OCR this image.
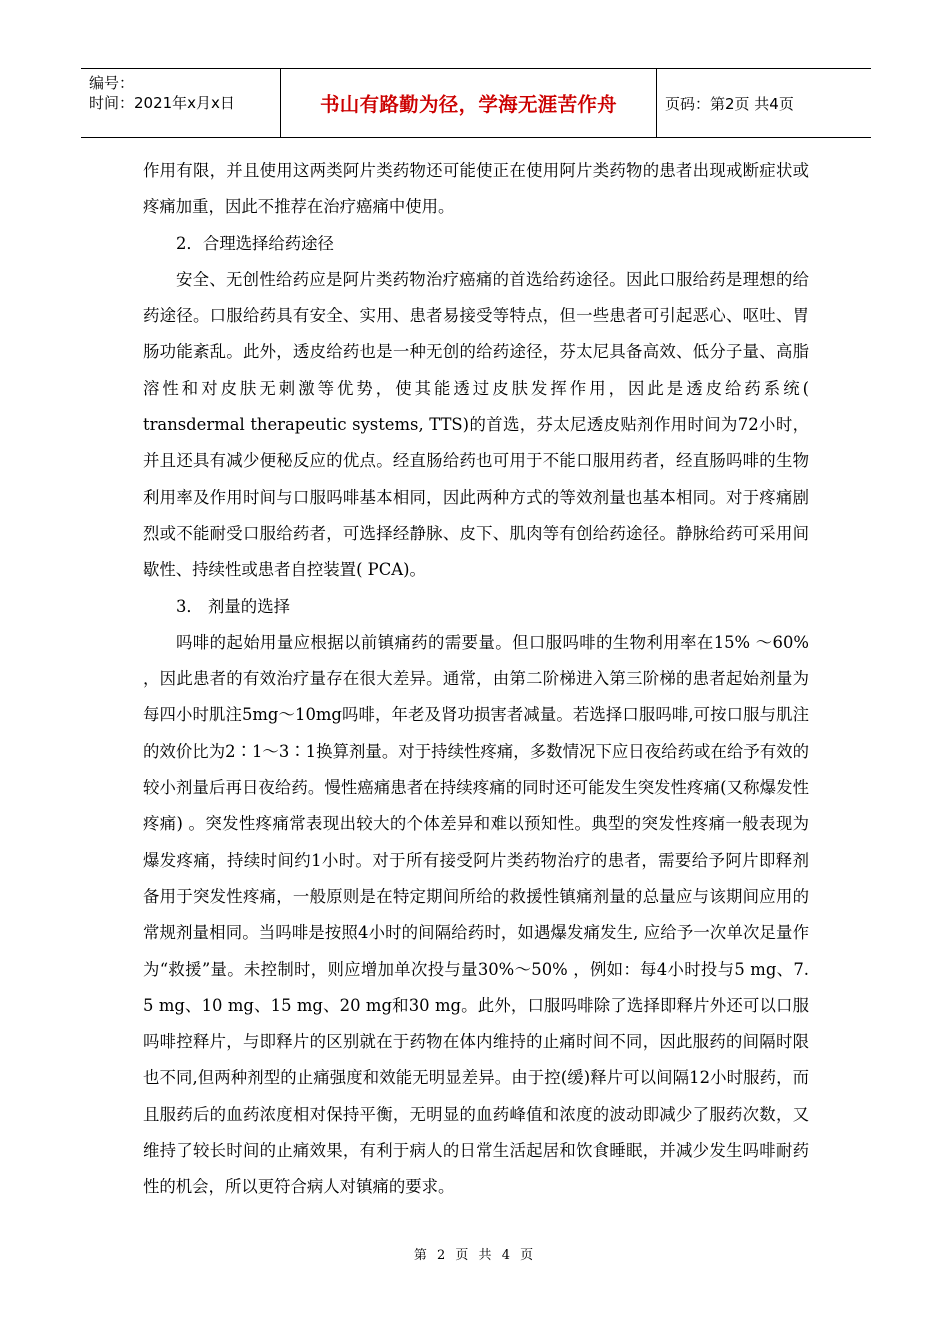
编号：
时间：2021年x月x日	书山有路勤为径，学海无涯苦作舟	页码：第2页 共4页

作用有限，并且使用这两类阿片类药物还可能使正在使用阿片类药物的患者出现戒断症状或疼痛加重，因此不推荐在治疗癌痛中使用。

2．合理选择给药途径

安全、无创性给药应是阿片类药物治疗癌痛的首选给药途径。因此口服给药是理想的给药途径。口服给药具有安全、实用、患者易接受等特点，但一些患者可引起恶心、呕吐、胃肠功能紊乱。此外，透皮给药也是一种无创的给药途径，芬太尼具备高效、低分子量、高脂溶性和对皮肤无刺激等优势，使其能透过皮肤发挥作用，因此是透皮给药系统( transdermal therapeutic systems, TTS)的首选，芬太尼透皮贴剂作用时间为72小时，并且还具有减少便秘反应的优点。经直肠给药也可用于不能口服用药者，经直肠吗啡的生物利用率及作用时间与口服吗啡基本相同，因此两种方式的等效剂量也基本相同。对于疼痛剧烈或不能耐受口服给药者，可选择经静脉、皮下、肌肉等有创给药途径。静脉给药可采用间歇性、持续性或患者自控装置( PCA)。

3． 剂量的选择

吗啡的起始用量应根据以前镇痛药的需要量。但口服吗啡的生物利用率在15% ～60% ，因此患者的有效治疗量存在很大差异。通常，由第二阶梯进入第三阶梯的患者起始剂量为每四小时肌注5mg～10mg吗啡，年老及肾功损害者减量。若选择口服吗啡,可按口服与肌注的效价比为2∶1～3∶1换算剂量。对于持续性疼痛，多数情况下应日夜给药或在给予有效的较小剂量后再日夜给药。慢性癌痛患者在持续疼痛的同时还可能发生突发性疼痛(又称爆发性疼痛) 。突发性疼痛常表现出较大的个体差异和难以预知性。典型的突发性疼痛一般表现为爆发疼痛，持续时间约1小时。对于所有接受阿片类药物治疗的患者，需要给予阿片即释剂备用于突发性疼痛，一般原则是在特定期间所给的救援性镇痛剂量的总量应与该期间应用的常规剂量相同。当吗啡是按照4小时的间隔给药时，如遇爆发痛发生, 应给予一次单次足量作为“救援”量。未控制时，则应增加单次投与量30%～50% ，例如：每4小时投与5 mg、7. 5 mg、10 mg、15 mg、20 mg和30 mg。此外，口服吗啡除了选择即释片外还可以口服吗啡控释片，与即释片的区别就在于药物在体内维持的止痛时间不同，因此服药的间隔时限也不同,但两种剂型的止痛强度和效能无明显差异。由于控(缓)释片可以间隔12小时服药，而且服药后的血药浓度相对保持平衡，无明显的血药峰值和浓度的波动即减少了服药次数，又维持了较长时间的止痛效果，有利于病人的日常生活起居和饮食睡眠，并减少发生吗啡耐药性的机会，所以更符合病人对镇痛的要求。

第 2 页 共 4 页
